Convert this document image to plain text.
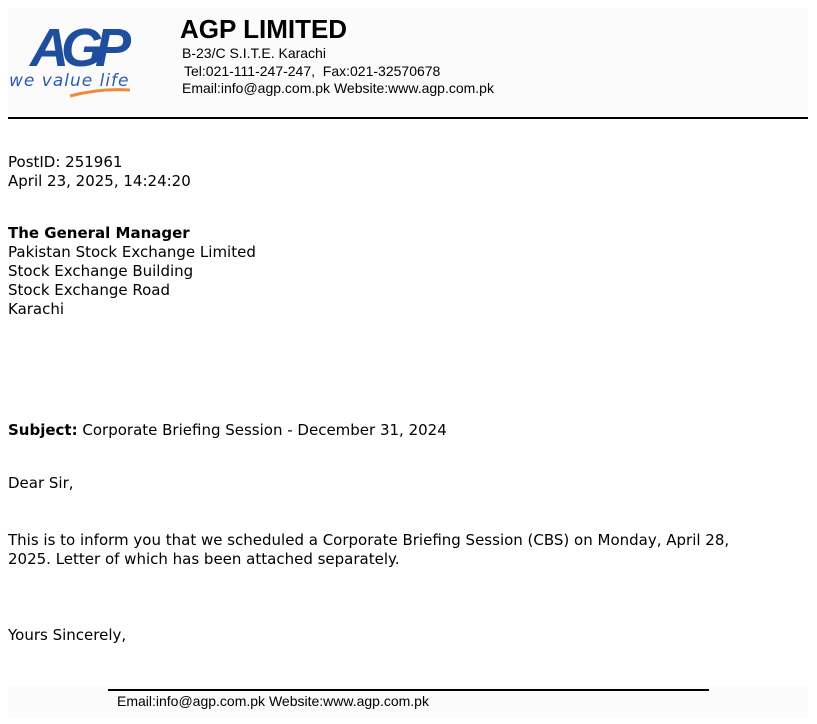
AGP
we value life
AGP LIMITED
B-23/C S.I.T.E. Karachi
Tel:021-111-247-247,  Fax:021-32570678
Email:info@agp.com.pk Website:www.agp.com.pk
PostID: 251961
April 23, 2025, 14:24:20
The General Manager
Pakistan Stock Exchange Limited
Stock Exchange Building
Stock Exchange Road
Karachi
Subject: Corporate Briefing Session - December 31, 2024
Dear Sir,
This is to inform you that we scheduled a Corporate Briefing Session (CBS) on Monday, April 28,
2025. Letter of which has been attached separately.
Yours Sincerely,
Email:info@agp.com.pk Website:www.agp.com.pk
